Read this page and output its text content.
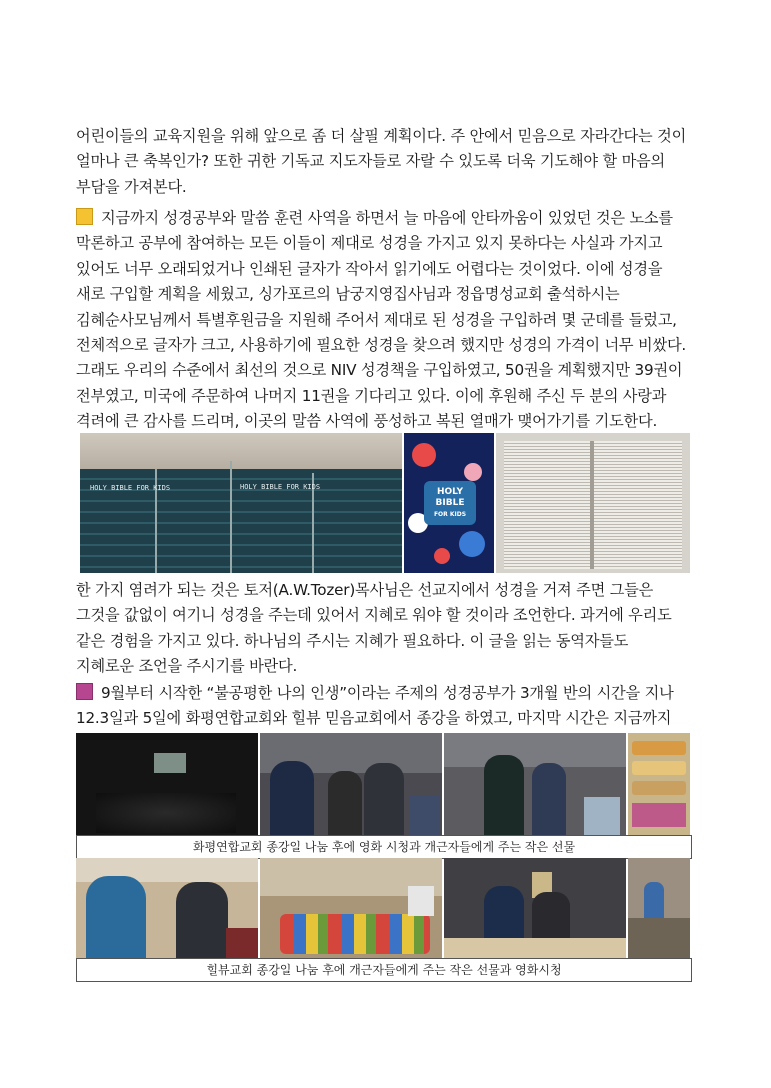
어린이들의 교육지원을 위해 앞으로 좀 더 살필 계획이다. 주 안에서 믿음으로 자라간다는 것이
얼마나 큰 축복인가? 또한 귀한 기독교 지도자들로 자랄 수 있도록 더욱 기도해야 할 마음의
부담을 가져본다.
지금까지 성경공부와 말씀 훈련 사역을 하면서 늘 마음에 안타까움이 있었던 것은 노소를
막론하고 공부에 참여하는 모든 이들이 제대로 성경을 가지고 있지 못하다는 사실과 가지고
있어도 너무 오래되었거나 인쇄된 글자가 작아서 읽기에도 어렵다는 것이었다. 이에 성경을
새로 구입할 계획을 세웠고, 싱가포르의 남궁지영집사님과 정읍명성교회 출석하시는
김혜순사모님께서 특별후원금을 지원해 주어서 제대로 된 성경을 구입하려 몇 군데를 들렀고,
전체적으로 글자가 크고, 사용하기에 필요한 성경을 찾으려 했지만 성경의 가격이 너무 비쌌다.
그래도 우리의 수준에서 최선의 것으로 NIV 성경책을 구입하였고, 50권을 계획했지만 39권이
전부였고, 미국에 주문하여 나머지 11권을 기다리고 있다. 이에 후원해 주신 두 분의 사랑과
격려에 큰 감사를 드리며, 이곳의 말씀 사역에 풍성하고 복된 열매가 맺어가기를 기도한다.
HOLY BIBLE FOR KIDS	HOLY BIBLE FOR KIDS	HOLY BIBLE
FOR KIDS
한 가지 염려가 되는 것은 토저(A.W.Tozer)목사님은 선교지에서 성경을 거져 주면 그들은
그것을 값없이 여기니 성경을 주는데 있어서 지혜로 워야 할 것이라 조언한다. 과거에 우리도
같은 경험을 가지고 있다. 하나님의 주시는 지혜가 필요하다. 이 글을 읽는 동역자들도
지혜로운 조언을 주시기를 바란다.
9월부터 시작한 “불공평한 나의 인생”이라는 주제의 성경공부가 3개월 반의 시간을 지나
12.3일과 5일에 화평연합교회와 힐뷰 믿음교회에서 종강을 하였고, 마지막 시간은 지금까지
화평연합교회 종강일 나눔 후에 영화 시청과 개근자들에게 주는 작은 선물
힐뷰교회 종강일 나눔 후에 개근자들에게 주는 작은 선물과 영화시청
